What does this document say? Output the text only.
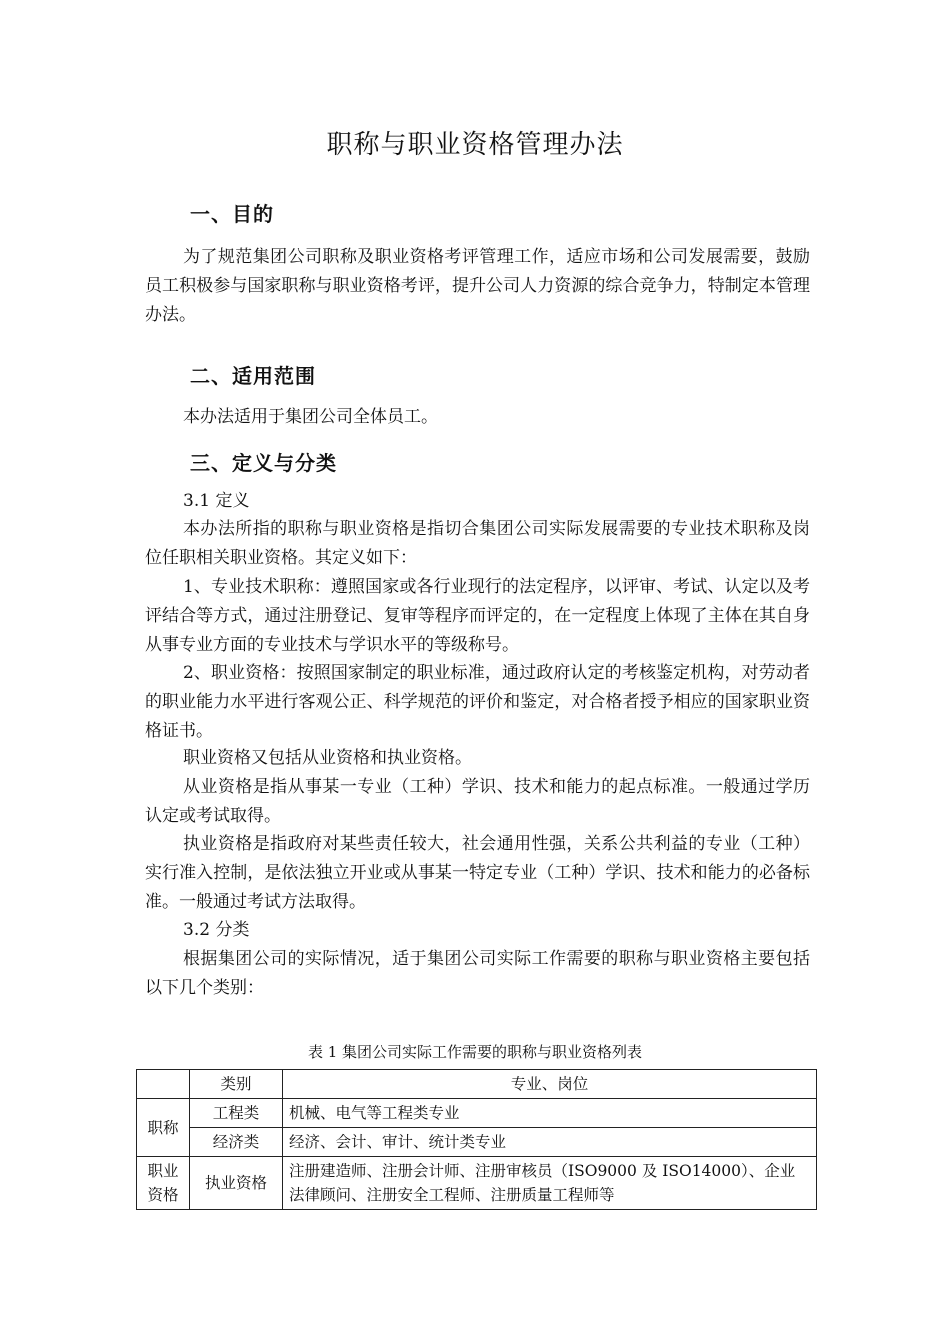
职称与职业资格管理办法
一、目的
为了规范集团公司职称及职业资格考评管理工作，适应市场和公司发展需要，鼓励员工积极参与国家职称与职业资格考评，提升公司人力资源的综合竞争力，特制定本管理办法。
二、适用范围
本办法适用于集团公司全体员工。
三、定义与分类
3.1 定义
本办法所指的职称与职业资格是指切合集团公司实际发展需要的专业技术职称及岗位任职相关职业资格。其定义如下：
1、专业技术职称：遵照国家或各行业现行的法定程序，以评审、考试、认定以及考评结合等方式，通过注册登记、复审等程序而评定的，在一定程度上体现了主体在其自身从事专业方面的专业技术与学识水平的等级称号。
2、职业资格：按照国家制定的职业标准，通过政府认定的考核鉴定机构，对劳动者的职业能力水平进行客观公正、科学规范的评价和鉴定，对合格者授予相应的国家职业资格证书。
职业资格又包括从业资格和执业资格。
从业资格是指从事某一专业（工种）学识、技术和能力的起点标准。一般通过学历认定或考试取得。
执业资格是指政府对某些责任较大，社会通用性强，关系公共利益的专业（工种）实行准入控制，是依法独立开业或从事某一特定专业（工种）学识、技术和能力的必备标准。一般通过考试方法取得。
3.2 分类
根据集团公司的实际情况，适于集团公司实际工作需要的职称与职业资格主要包括以下几个类别：
表 1 集团公司实际工作需要的职称与职业资格列表
	类别	专业、岗位
职称	工程类	机械、电气等工程类专业
	经济类	经济、会计、审计、统计类专业
职业
资格	执业资格	注册建造师、注册会计师、注册审核员（ISO9000 及 ISO14000）、企业法律顾问、注册安全工程师、注册质量工程师等
